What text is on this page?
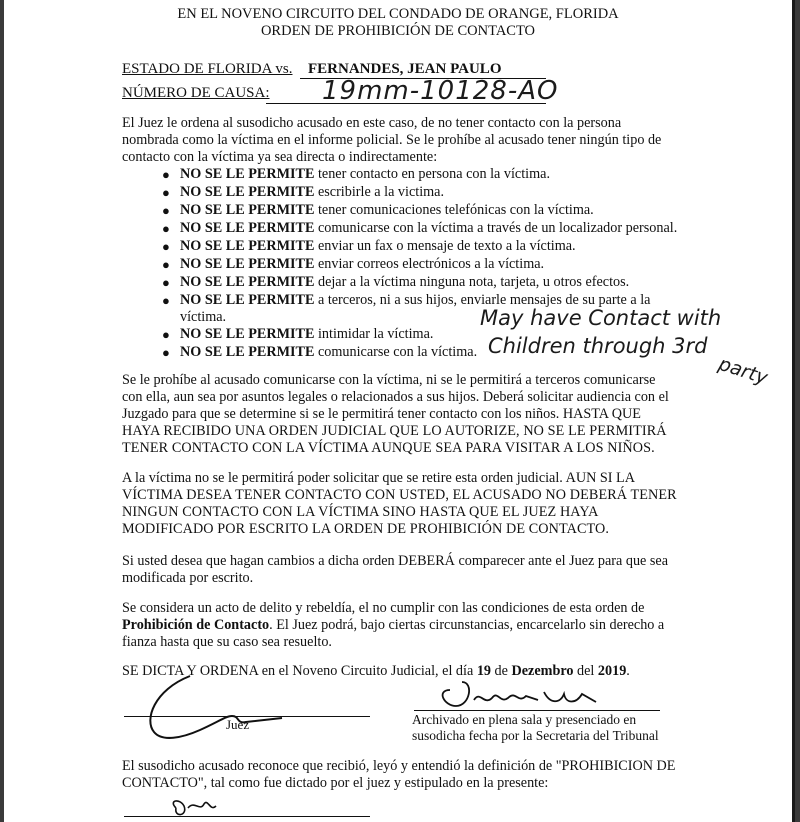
EN EL NOVENO CIRCUITO DEL CONDADO DE ORANGE, FLORIDA
ORDEN DE PROHIBICIÓN DE CONTACTO
ESTADO DE FLORIDA vs. FERNANDES, JEAN PAULO
NÚMERO DE CAUSA: 19mm-10128-AO
El Juez le ordena al susodicho acusado en este caso, de no tener contacto con la persona
nombrada como la víctima en el informe policial. Se le prohíbe al acusado tener ningún tipo de
contacto con la víctima ya sea directa o indirectamente:
● NO SE LE PERMITE tener contacto en persona con la víctima.
● NO SE LE PERMITE escribirle a la victima.
● NO SE LE PERMITE tener comunicaciones telefónicas con la víctima.
● NO SE LE PERMITE comunicarse con la víctima a través de un localizador personal.
● NO SE LE PERMITE enviar un fax o mensaje de texto a la víctima.
● NO SE LE PERMITE enviar correos electrónicos a la víctima.
● NO SE LE PERMITE dejar a la víctima ninguna nota, tarjeta, u otros efectos.
● NO SE LE PERMITE a terceros, ni a sus hijos, enviarle mensajes de su parte a la
víctima.
● NO SE LE PERMITE intimidar la víctima.
● NO SE LE PERMITE comunicarse con la víctima.
May have Contact with
Children through 3rd
party
Se le prohíbe al acusado comunicarse con la víctima, ni se le permitirá a terceros comunicarse
con ella, aun sea por asuntos legales o relacionados a sus hijos. Deberá solicitar audiencia con el
Juzgado para que se determine si se le permitirá tener contacto con los niños. HASTA QUE
HAYA RECIBIDO UNA ORDEN JUDICIAL QUE LO AUTORIZE, NO SE LE PERMITIRÁ
TENER CONTACTO CON LA VÍCTIMA AUNQUE SEA PARA VISITAR A LOS NIÑOS.
A la víctima no se le permitirá poder solicitar que se retire esta orden judicial. AUN SI LA
VÍCTIMA DESEA TENER CONTACTO CON USTED, EL ACUSADO NO DEBERÁ TENER
NINGUN CONTACTO CON LA VÍCTIMA SINO HASTA QUE EL JUEZ HAYA
MODIFICADO POR ESCRITO LA ORDEN DE PROHIBICIÓN DE CONTACTO.
Si usted desea que hagan cambios a dicha orden DEBERÁ comparecer ante el Juez para que sea
modificada por escrito.
Se considera un acto de delito y rebeldía, el no cumplir con las condiciones de esta orden de
Prohibición de Contacto. El Juez podrá, bajo ciertas circunstancias, encarcelarlo sin derecho a
fianza hasta que su caso sea resuelto.
SE DICTA Y ORDENA en el Noveno Circuito Judicial, el día 19 de Dezembro del 2019.
Juez	Archivado en plena sala y presenciado en
susodicha fecha por la Secretaria del Tribunal
El susodicho acusado reconoce que recibió, leyó y entendió la definición de "PROHIBICION DE
CONTACTO", tal como fue dictado por el juez y estipulado en la presente:
